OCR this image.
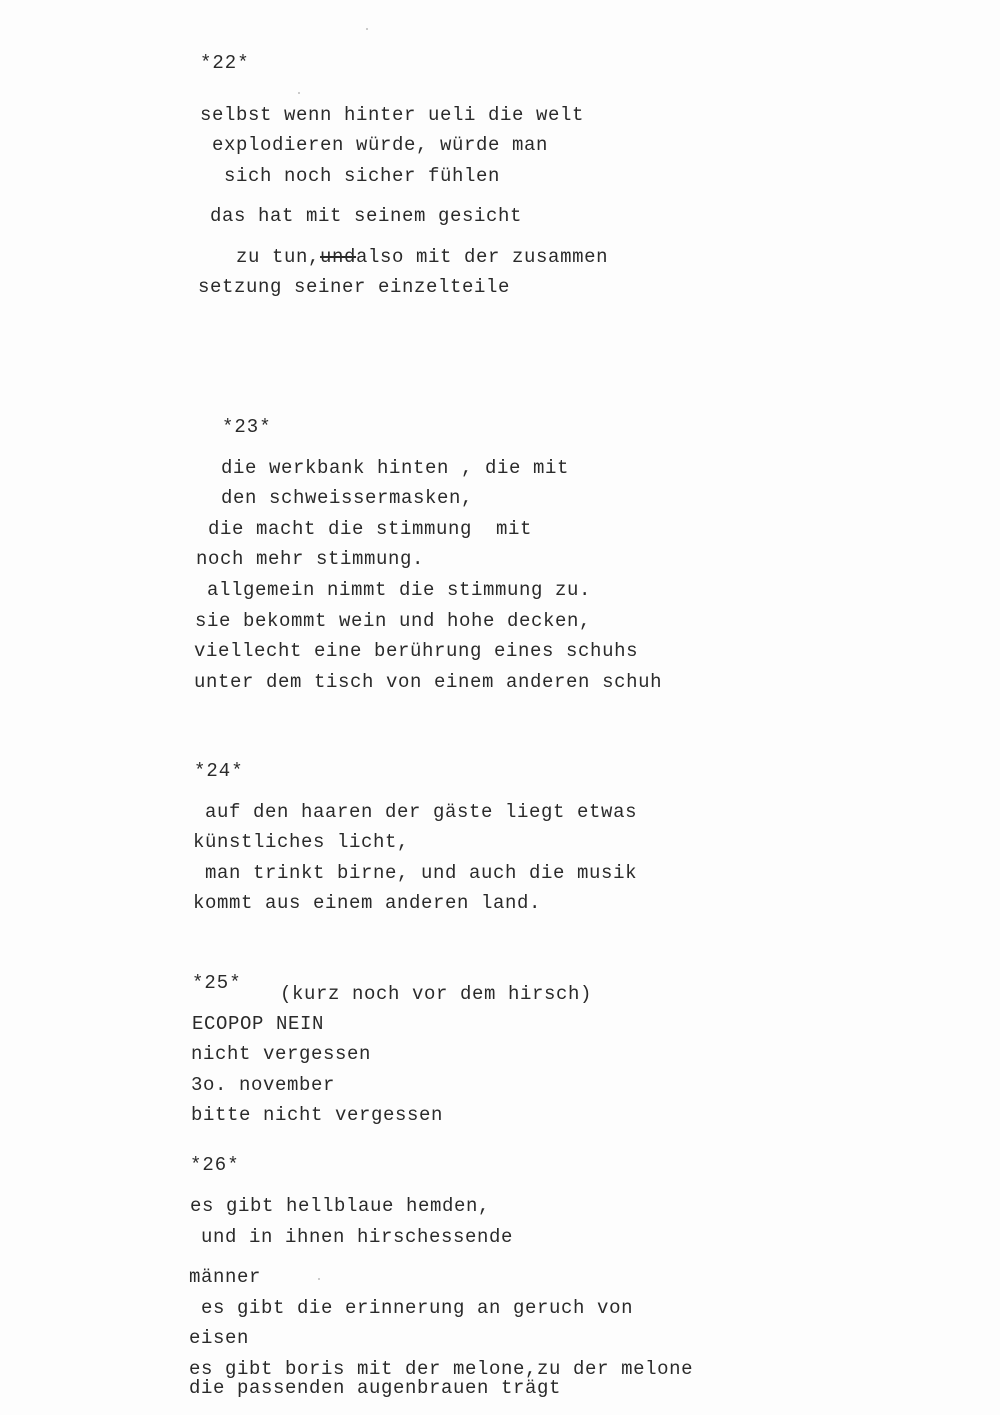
*22*
selbst wenn hinter ueli die welt
explodieren würde, würde man
sich noch sicher fühlen
das hat mit seinem gesicht
zu tun,undalso mit der zusammen
setzung seiner einzelteile
*23*
die werkbank hinten , die mit
den schweissermasken,
die macht die stimmung  mit
noch mehr stimmung.
allgemein nimmt die stimmung zu.
sie bekommt wein und hohe decken,
viellecht eine berührung eines schuhs
unter dem tisch von einem anderen schuh
*24*
auf den haaren der gäste liegt etwas
künstliches licht,
man trinkt birne, und auch die musik
kommt aus einem anderen land.
*25* (kurz noch vor dem hirsch)
ECOPOP NEIN
nicht vergessen
3o. november
bitte nicht vergessen
*26*
es gibt hellblaue hemden,
und in ihnen hirschessende
männer
es gibt die erinnerung an geruch von
eisen
es gibt boris mit der melone,zu der melone
die passenden augenbrauen trägt
